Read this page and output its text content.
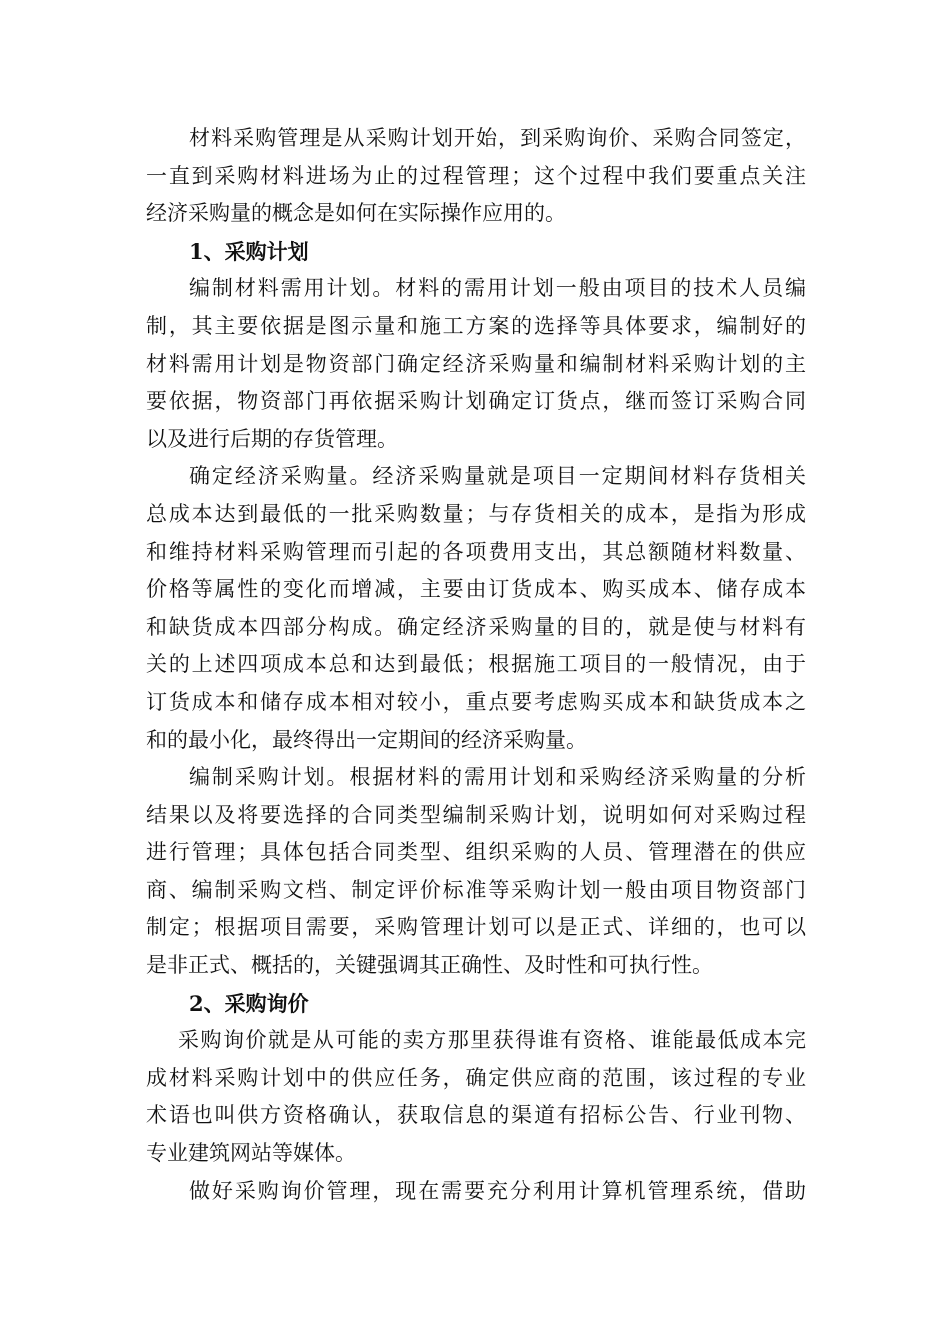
材料采购管理是从采购计划开始，到采购询价、采购合同签定，
一直到采购材料进场为止的过程管理；这个过程中我们要重点关注
经济采购量的概念是如何在实际操作应用的。
1、采购计划
编制材料需用计划。材料的需用计划一般由项目的技术人员编
制，其主要依据是图示量和施工方案的选择等具体要求，编制好的
材料需用计划是物资部门确定经济采购量和编制材料采购计划的主
要依据，物资部门再依据采购计划确定订货点，继而签订采购合同
以及进行后期的存货管理。
确定经济采购量。经济采购量就是项目一定期间材料存货相关
总成本达到最低的一批采购数量；与存货相关的成本，是指为形成
和维持材料采购管理而引起的各项费用支出，其总额随材料数量、
价格等属性的变化而增减，主要由订货成本、购买成本、储存成本
和缺货成本四部分构成。确定经济采购量的目的，就是使与材料有
关的上述四项成本总和达到最低；根据施工项目的一般情况，由于
订货成本和储存成本相对较小，重点要考虑购买成本和缺货成本之
和的最小化，最终得出一定期间的经济采购量。
编制采购计划。根据材料的需用计划和采购经济采购量的分析
结果以及将要选择的合同类型编制采购计划，说明如何对采购过程
进行管理；具体包括合同类型、组织采购的人员、管理潜在的供应
商、编制采购文档、制定评价标准等采购计划一般由项目物资部门
制定；根据项目需要，采购管理计划可以是正式、详细的，也可以
是非正式、概括的，关键强调其正确性、及时性和可执行性。
2、采购询价
采购询价就是从可能的卖方那里获得谁有资格、谁能最低成本完
成材料采购计划中的供应任务，确定供应商的范围，该过程的专业
术语也叫供方资格确认，获取信息的渠道有招标公告、行业刊物、
专业建筑网站等媒体。
做好采购询价管理，现在需要充分利用计算机管理系统，借助
